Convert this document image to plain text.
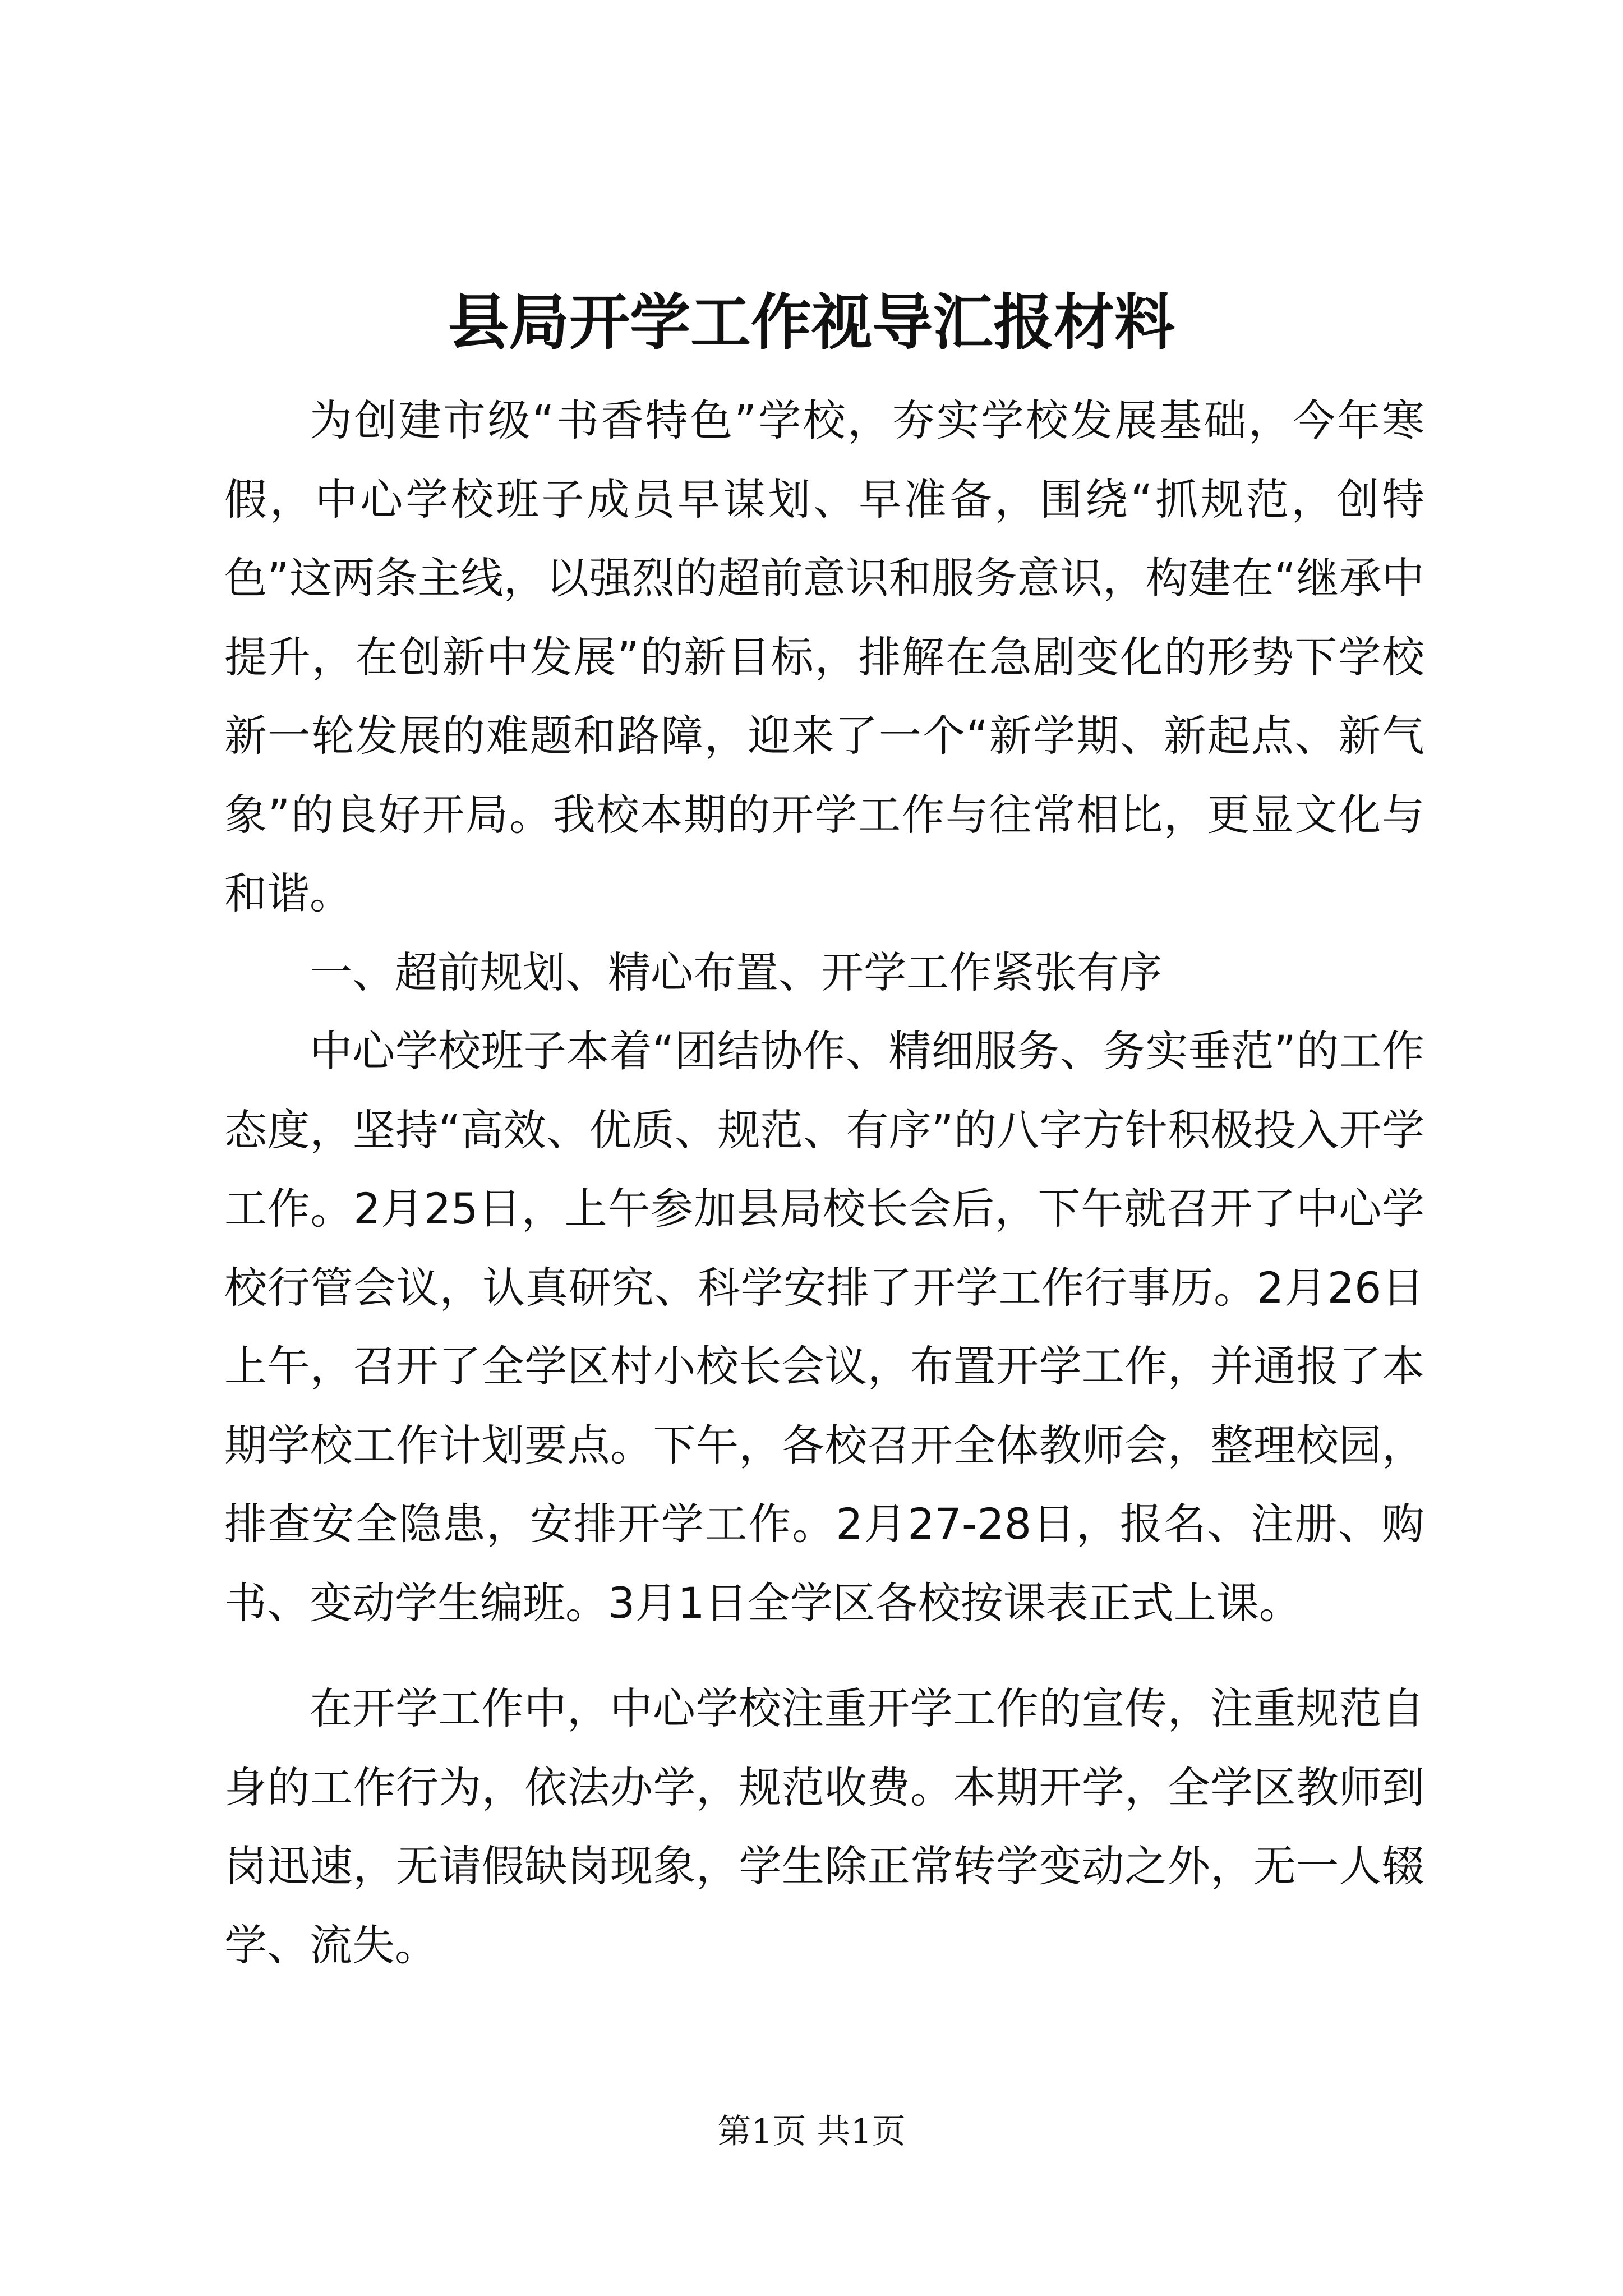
县局开学工作视导汇报材料

为创建市级“书香特色”学校，夯实学校发展基础，今年寒假，中心学校班子成员早谋划、早准备，围绕“抓规范，创特色”这两条主线，以强烈的超前意识和服务意识，构建在“继承中提升，在创新中发展”的新目标，排解在急剧变化的形势下学校新一轮发展的难题和路障，迎来了一个“新学期、新起点、新气象”的良好开局。我校本期的开学工作与往常相比，更显文化与和谐。

一、超前规划、精心布置、开学工作紧张有序

中心学校班子本着“团结协作、精细服务、务实垂范”的工作态度，坚持“高效、优质、规范、有序”的八字方针积极投入开学工作。2月25日，上午参加县局校长会后，下午就召开了中心学校行管会议，认真研究、科学安排了开学工作行事历。2月26日上午，召开了全学区村小校长会议，布置开学工作，并通报了本期学校工作计划要点。下午，各校召开全体教师会，整理校园，排查安全隐患，安排开学工作。2月27-28日，报名、注册、购书、变动学生编班。3月1日全学区各校按课表正式上课。

在开学工作中，中心学校注重开学工作的宣传，注重规范自身的工作行为，依法办学，规范收费。本期开学，全学区教师到岗迅速，无请假缺岗现象，学生除正常转学变动之外，无一人辍学、流失。

第1页 共1页
